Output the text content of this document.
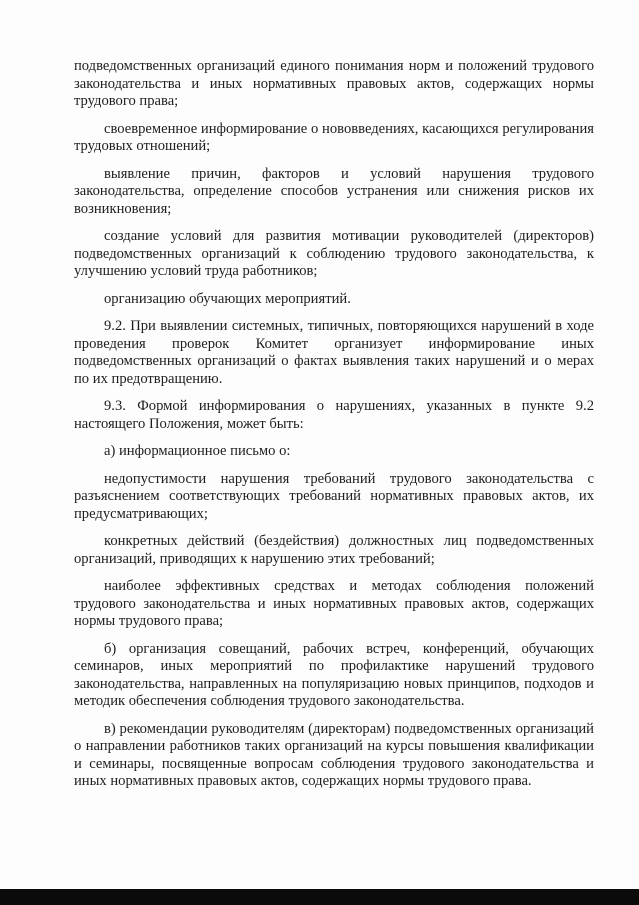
подведомственных организаций единого понимания норм и положений трудового законодательства и иных нормативных правовых актов, содержащих нормы трудового права;

своевременное информирование о нововведениях, касающихся регулирования трудовых отношений;

выявление причин, факторов и условий нарушения трудового законодательства, определение способов устранения или снижения рисков их возникновения;

создание условий для развития мотивации руководителей (директоров) подведомственных организаций к соблюдению трудового законодательства, к улучшению условий труда работников;

организацию обучающих мероприятий.

9.2. При выявлении системных, типичных, повторяющихся нарушений в ходе проведения проверок Комитет организует информирование иных подведомственных организаций о фактах выявления таких нарушений и о мерах по их предотвращению.

9.3. Формой информирования о нарушениях, указанных в пункте 9.2 настоящего Положения, может быть:

а) информационное письмо о:

недопустимости нарушения требований трудового законодательства с разъяснением соответствующих требований нормативных правовых актов, их предусматривающих;

конкретных действий (бездействия) должностных лиц подведомственных организаций, приводящих к нарушению этих требований;

наиболее эффективных средствах и методах соблюдения положений трудового законодательства и иных нормативных правовых актов, содержащих нормы трудового права;

б) организация совещаний, рабочих встреч, конференций, обучающих семинаров, иных мероприятий по профилактике нарушений трудового законодательства, направленных на популяризацию новых принципов, подходов и методик обеспечения соблюдения трудового законодательства.

в) рекомендации руководителям (директорам) подведомственных организаций о направлении работников таких организаций на курсы повышения квалификации и семинары, посвященные вопросам соблюдения трудового законодательства и иных нормативных правовых актов, содержащих нормы трудового права.
